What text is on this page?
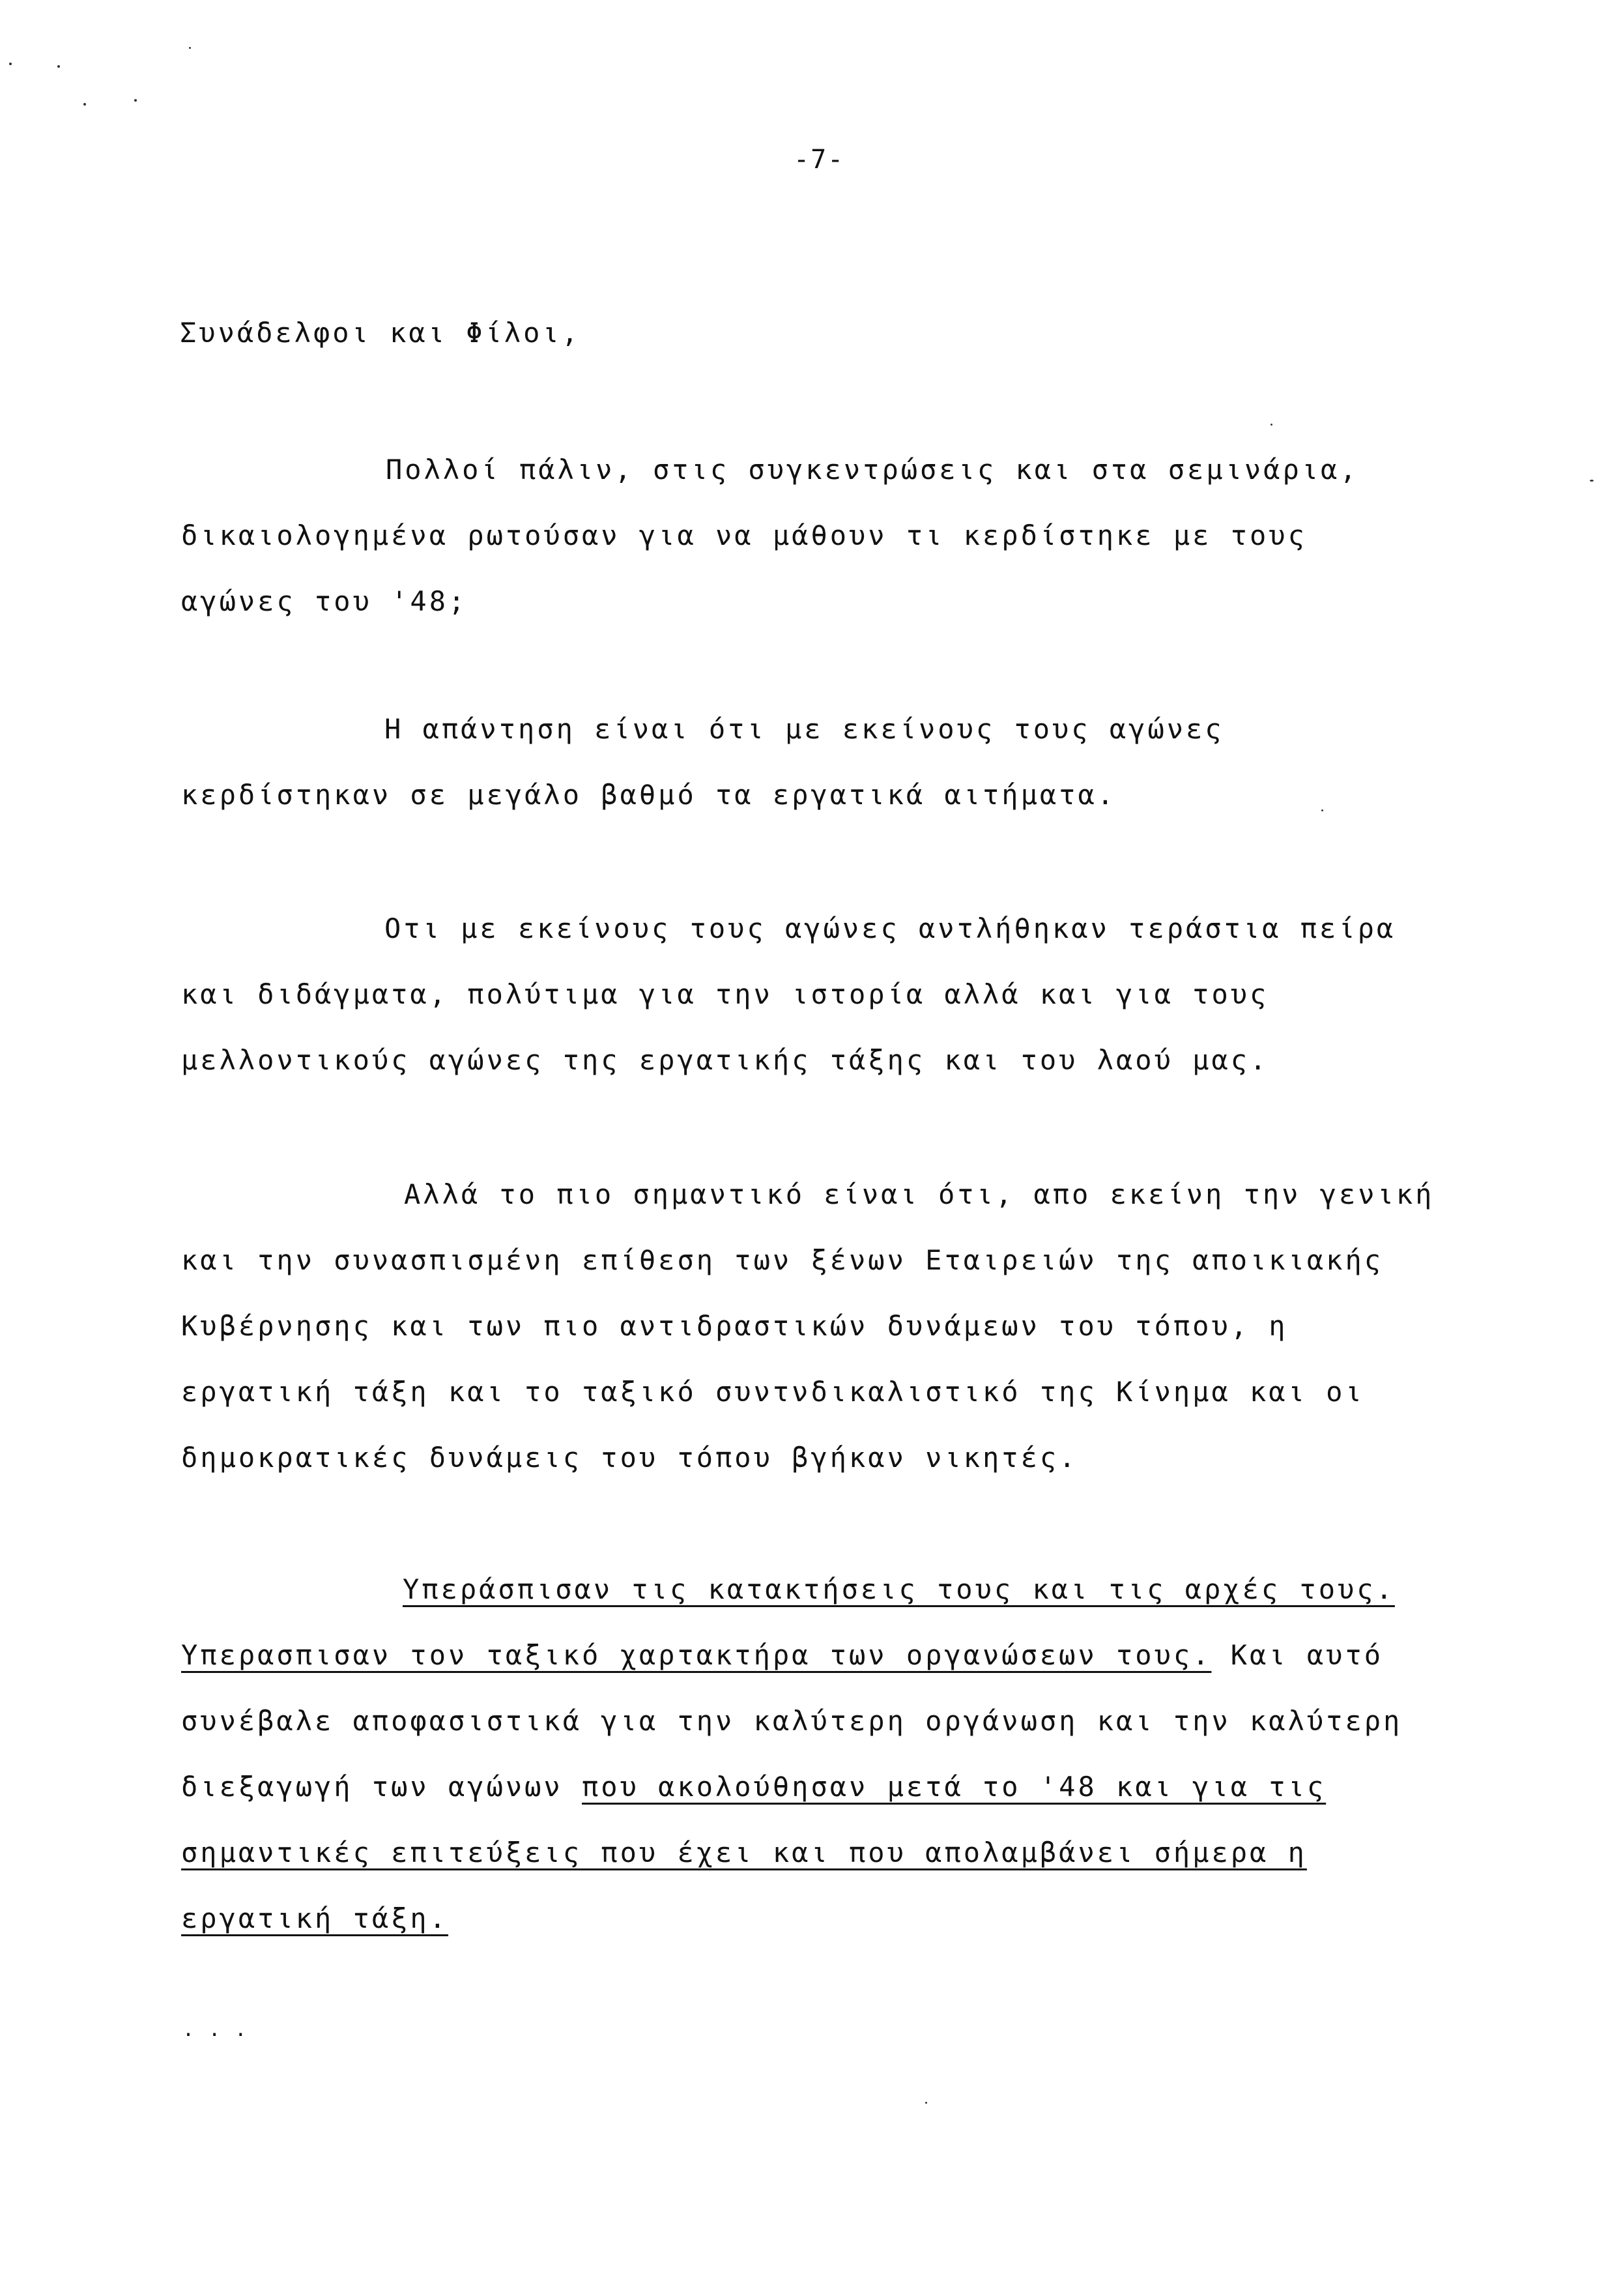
-7-
Συνάδελφοι και Φίλοι,
Πολλοί πάλιν, στις συγκεντρώσεις και στα σεμινάρια,
δικαιολογημένα ρωτούσαν για να μάθουν τι κερδίστηκε με τους
αγώνες του '48;
Η απάντηση είναι ότι με εκείνους τους αγώνες
κερδίστηκαν σε μεγάλο βαθμό τα εργατικά αιτήματα.
Οτι με εκείνους τους αγώνες αντλήθηκαν τεράστια πείρα
και διδάγματα, πολύτιμα για την ιστορία αλλά και για τους
μελλοντικούς αγώνες της εργατικής τάξης και του λαού μας.
Αλλά το πιο σημαντικό είναι ότι, απο εκείνη την γενική
και την συνασπισμένη επίθεση των ξένων Εταιρειών της αποικιακής
Κυβέρνησης και των πιο αντιδραστικών δυνάμεων του τόπου, η
εργατική τάξη και το ταξικό συντνδικαλιστικό της Κίνημα και οι
δημοκρατικές δυνάμεις του τόπου βγήκαν νικητές.
Υπεράσπισαν τις κατακτήσεις τους και τις αρχές τους.
Υπερασπισαν τον ταξικό χαρτακτήρα των οργανώσεων τους. Και αυτό
συνέβαλε αποφασιστικά για την καλύτερη οργάνωση και την καλύτερη
διεξαγωγή των αγώνων που ακολούθησαν μετά το '48 και για τις
σημαντικές επιτεύξεις που έχει και που απολαμβάνει σήμερα η
εργατική τάξη.
. . .
